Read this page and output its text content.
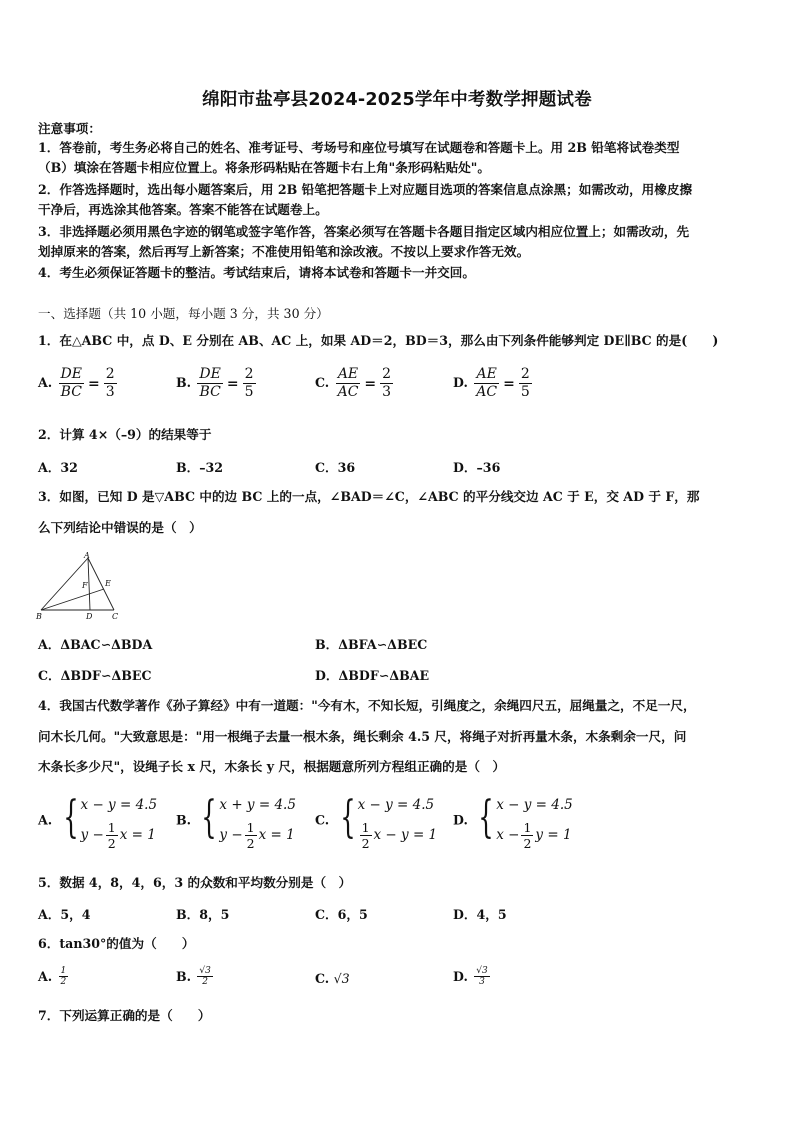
绵阳市盐亭县2024-2025学年中考数学押题试卷
注意事项：
1．答卷前，考生务必将自己的姓名、准考证号、考场号和座位号填写在试题卷和答题卡上。用 2B 铅笔将试卷类型
（B）填涂在答题卡相应位置上。将条形码粘贴在答题卡右上角"条形码粘贴处"。
2．作答选择题时，选出每小题答案后，用 2B 铅笔把答题卡上对应题目选项的答案信息点涂黑；如需改动，用橡皮擦
干净后，再选涂其他答案。答案不能答在试题卷上。
3．非选择题必须用黑色字迹的钢笔或签字笔作答，答案必须写在答题卡各题目指定区域内相应位置上；如需改动，先
划掉原来的答案，然后再写上新答案；不准使用铅笔和涂改液。不按以上要求作答无效。
4．考生必须保证答题卡的整洁。考试结束后，请将本试卷和答题卡一并交回。
一、选择题（共 10 小题，每小题 3 分，共 30 分）
1．在△ABC 中，点 D、E 分别在 AB、AC 上，如果 AD＝2，BD＝3，那么由下列条件能够判定 DE∥BC 的是(　　)
A. $\frac{DE}{BC} = \frac{2}{3}$	B. $\frac{DE}{BC} = \frac{2}{5}$	C. $\frac{AE}{AC} = \frac{2}{3}$	D. $\frac{AE}{AC} = \frac{2}{5}$
2．计算 4×（–9）的结果等于
A．32	B．–32	C．36	D．–36
3．如图，已知 D 是▽ABC 中的边 BC 上的一点，∠BAD＝∠C，∠ABC 的平分线交边 AC 于 E，交 AD 于 F，那
么下列结论中错误的是（　）
A
F E
B	D C
A．ΔBAC∽ΔBDA	B．ΔBFA∽ΔBEC
C．ΔBDF∽ΔBEC	D．ΔBDF∽ΔBAE
4．我国古代数学著作《孙子算经》中有一道题："今有木，不知长短，引绳度之，余绳四尺五，屈绳量之，不足一尺，
问木长几何。"大致意思是："用一根绳子去量一根木条，绳长剩余 4.5 尺，将绳子对折再量木条，木条剩余一尺，问
木条长多少尺"，设绳子长 x 尺，木条长 y 尺，根据题意所列方程组正确的是（　）
A. { x − y = 4.5
$y - \frac{1}{2}$ x = 1
B. { x + y = 4.5
$y - \frac{1}{2}$ x = 1
C. { x − y = 4.5
$\frac{1}{2}$ x − y = 1
D. { x − y = 4.5
$x - \frac{1}{2}$ y = 1
5．数据 4，8，4，6，3 的众数和平均数分别是（　）
A．5，4	B．8，5	C．6，5	D．4，5
6．tan30°的值为（　　）
A. $\frac{1}{2}$	B. $\frac{√3}{2}$	C. √3	D. $\frac{√3}{3}$
7．下列运算正确的是（　　）
